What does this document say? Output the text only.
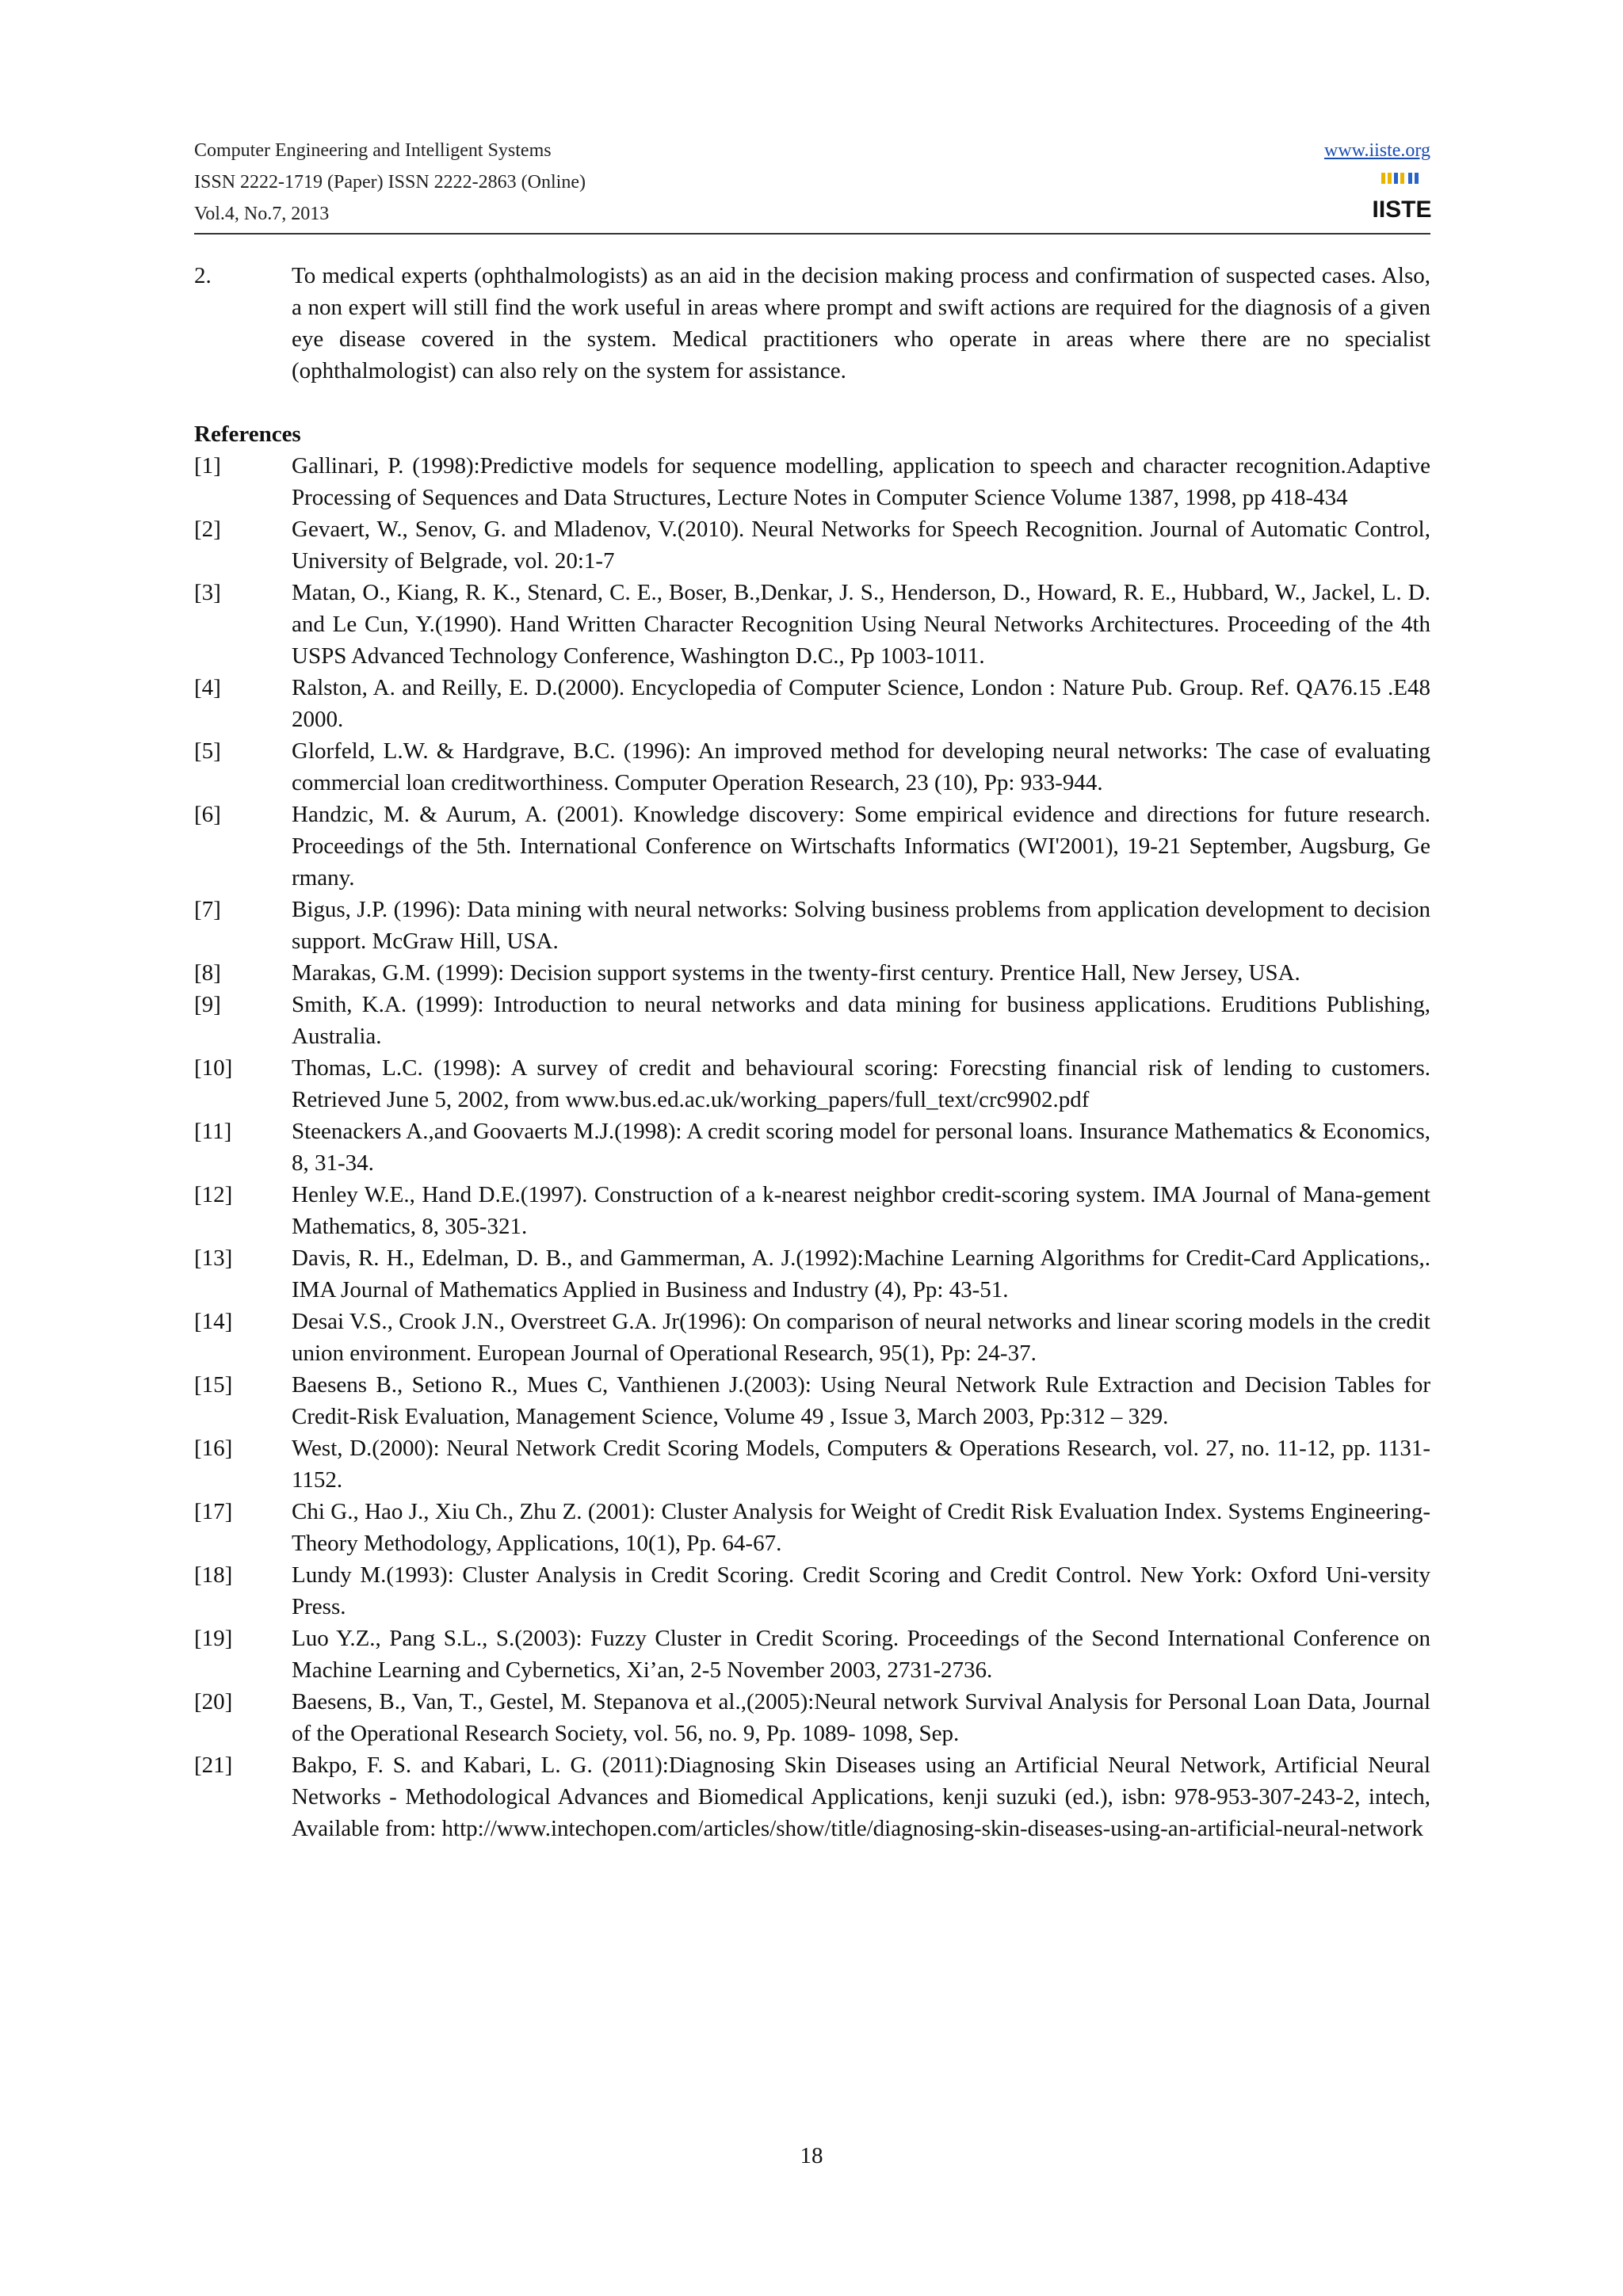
Computer Engineering and Intelligent Systems
ISSN 2222-1719 (Paper) ISSN 2222-2863 (Online)
Vol.4, No.7, 2013
www.iiste.org
IISTE
2.	To medical experts (ophthalmologists) as an aid in the decision making process and confirmation of suspected cases. Also, a non expert will still find the work useful in areas where prompt and swift actions are required for the diagnosis of a given eye disease covered in the system. Medical practitioners who operate in areas where there are no specialist (ophthalmologist) can also rely on the system for assistance.
References
[1]	Gallinari, P. (1998):Predictive models for sequence modelling, application to speech and character recognition.Adaptive Processing of Sequences and Data Structures, Lecture Notes in Computer Science Volume 1387, 1998, pp 418-434
[2]	Gevaert, W., Senov, G. and Mladenov, V.(2010). Neural Networks for Speech Recognition. Journal of Automatic Control, University of Belgrade, vol. 20:1-7
[3]	Matan, O., Kiang, R. K., Stenard, C. E., Boser, B.,Denkar, J. S., Henderson, D., Howard, R. E., Hubbard, W., Jackel, L. D. and Le Cun, Y.(1990). Hand Written Character Recognition Using Neural Networks Architectures. Proceeding of the 4th USPS Advanced Technology Conference, Washington D.C., Pp 1003-1011.
[4]	Ralston, A. and Reilly, E. D.(2000). Encyclopedia of Computer Science, London : Nature Pub. Group. Ref. QA76.15 .E48 2000.
[5]	Glorfeld, L.W. & Hardgrave, B.C. (1996): An improved method for developing neural networks: The case of evaluating commercial loan creditworthiness. Computer Operation Research, 23 (10), Pp: 933-944.
[6]	Handzic, M. & Aurum, A. (2001). Knowledge discovery: Some empirical evidence and directions for future research. Proceedings of the 5th. International Conference on Wirtschafts Informatics (WI'2001), 19-21 September, Augsburg, Ge rmany.
[7]	Bigus, J.P. (1996): Data mining with neural networks: Solving business problems from application development to decision support. McGraw Hill, USA.
[8]	Marakas, G.M. (1999): Decision support systems in the twenty-first century. Prentice Hall, New Jersey, USA.
[9]	Smith, K.A. (1999): Introduction to neural networks and data mining for business applications. Eruditions Publishing, Australia.
[10]	Thomas, L.C. (1998): A survey of credit and behavioural scoring: Forecsting financial risk of lending to customers. Retrieved June 5, 2002, from www.bus.ed.ac.uk/working_papers/full_text/crc9902.pdf
[11]	Steenackers A.,and Goovaerts M.J.(1998): A credit scoring model for personal loans. Insurance Mathematics & Economics, 8, 31-34.
[12]	Henley W.E., Hand D.E.(1997). Construction of a k-nearest neighbor credit-scoring system. IMA Journal of Mana-gement Mathematics, 8, 305-321.
[13]	Davis, R. H., Edelman, D. B., and Gammerman, A. J.(1992):Machine Learning Algorithms for Credit-Card Applications,. IMA Journal of Mathematics Applied in Business and Industry (4), Pp: 43-51.
[14]	Desai V.S., Crook J.N., Overstreet G.A. Jr(1996): On comparison of neural networks and linear scoring models in the credit union environment. European Journal of Operational Research, 95(1), Pp: 24-37.
[15]	Baesens B., Setiono R., Mues C, Vanthienen J.(2003): Using Neural Network Rule Extraction and Decision Tables for Credit-Risk Evaluation, Management Science, Volume 49 , Issue 3, March 2003, Pp:312 – 329.
[16]	West, D.(2000): Neural Network Credit Scoring Models, Computers & Operations Research, vol. 27, no. 11-12, pp. 1131-1152.
[17]	Chi G., Hao J., Xiu Ch., Zhu Z. (2001): Cluster Analysis for Weight of Credit Risk Evaluation Index. Systems Engineering-Theory Methodology, Applications, 10(1), Pp. 64-67.
[18]	Lundy M.(1993): Cluster Analysis in Credit Scoring. Credit Scoring and Credit Control. New York: Oxford Uni-versity Press.
[19]	Luo Y.Z., Pang S.L., S.(2003): Fuzzy Cluster in Credit Scoring. Proceedings of the Second International Conference on Machine Learning and Cybernetics, Xi’an, 2-5 November 2003, 2731-2736.
[20]	Baesens, B., Van, T., Gestel, M. Stepanova et al.,(2005):Neural network Survival Analysis for Personal Loan Data, Journal of the Operational Research Society, vol. 56, no. 9, Pp. 1089- 1098, Sep.
[21]	Bakpo, F. S. and Kabari, L. G. (2011):Diagnosing Skin Diseases using an Artificial Neural Network, Artificial Neural Networks - Methodological Advances and Biomedical Applications, kenji suzuki (ed.), isbn: 978-953-307-243-2, intech, Available from: http://www.intechopen.com/articles/show/title/diagnosing-skin-diseases-using-an-artificial-neural-network
18
